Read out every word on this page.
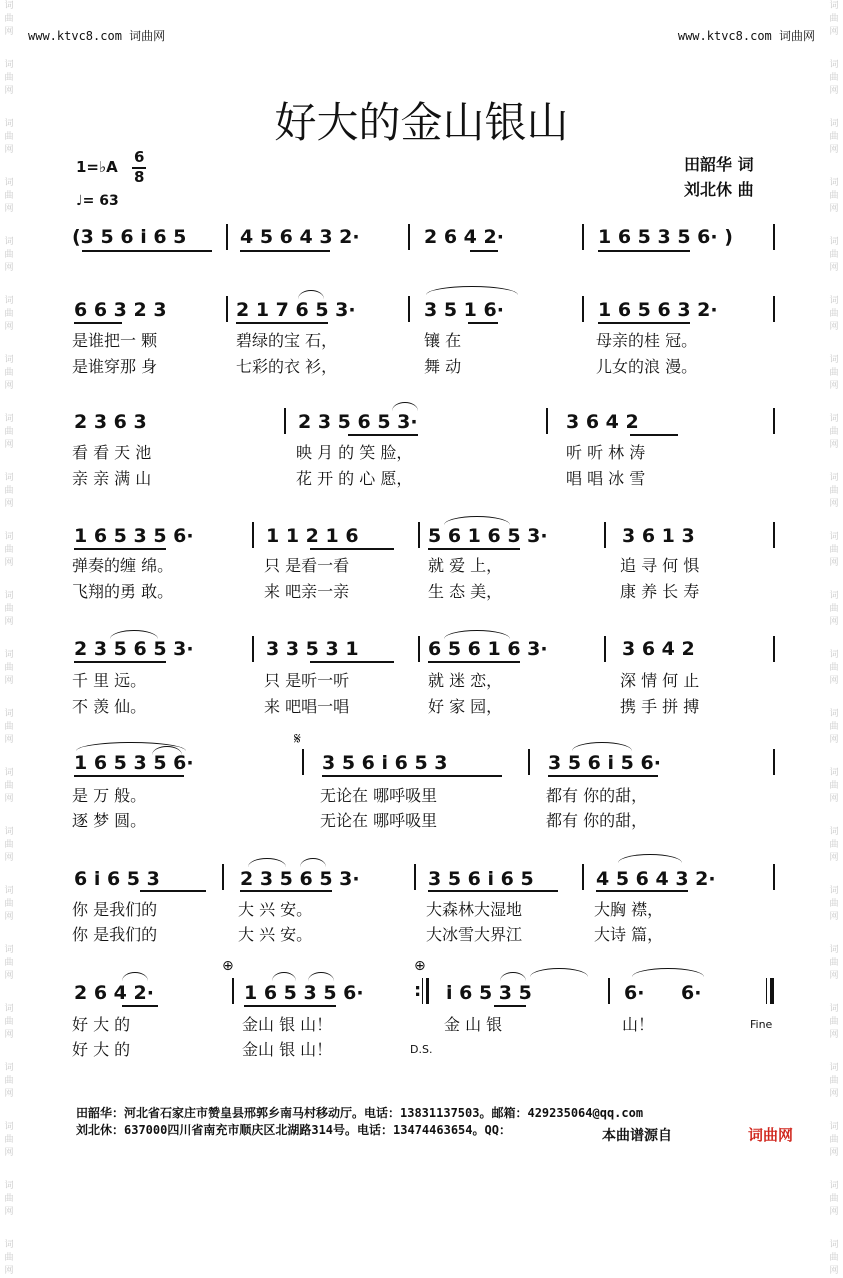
词
曲
网
词
曲
网
词
曲
网
词
曲
网
词
曲
网
词
曲
网
词
曲
网
词
曲
网
词
曲
网
词
曲
网
词
曲
网
词
曲
网
词
曲
网
词
曲
网
词
曲
网
词
曲
网
词
曲
网
词
曲
网
词
曲
网
词
曲
网
词
曲
网
词
曲
网
词
曲
网
词
曲
网
词
曲
网
词
曲
网
词
曲
网
词
曲
网
词
曲
网
词
曲
网
词
曲
网
词
曲
网
词
曲
网
词
曲
网
词
曲
网
词
曲
网
词
曲
网
词
曲
网
词
曲
网
词
曲
网
词
曲
网
词
曲
网
词
曲
网
词
曲
网
www.ktvc8.com 词曲网	www.ktvc8.com 词曲网
好大的金山银山
田韶华 词
刘北休 曲
1=♭A
6
8
♩= 63
(3 5 6 i 6 5	4 5 6 4 3 2·	2 6 4 2·	1 6 5 3 5 6· )
6 6 3 2 3	2 1 7 6 5 3·	3 5 1 6·	1 6 5 6 3 2·
是谁把一 颗	碧绿的宝 石，	镶 在	母亲的桂 冠。
是谁穿那 身	七彩的衣 衫，	舞 动	儿女的浪 漫。
2 3 6 3	2 3 5 6 5 3·	3 6 4 2
看 看 天 池	映 月 的 笑 脸，	听 听 林 涛
亲 亲 满 山	花 开 的 心 愿，	唱 唱 冰 雪
1 6 5 3 5 6·	1 1 2 1 6	5 6 1 6 5 3·	3 6 1 3
弹奏的缠 绵。	只 是看一看	就 爱 上，	追 寻 何 惧
飞翔的勇 敢。	来 吧亲一亲	生 态 美，	康 养 长 寿
2 3 5 6 5 3·	3 3 5 3 1	6 5 6 1 6 3·	3 6 4 2
千 里 远。	只 是听一听	就 迷 恋，	深 情 何 止
不 羡 仙。	来 吧唱一唱	好 家 园，	携 手 拼 搏
𝄋
1 6 5 3 5 6·	3 5 6 i 6 5 3	3 5 6 i 5 6·
是 万 般。	无论在 哪呼吸里	都有 你的甜，
逐 梦 圆。	无论在 哪呼吸里	都有 你的甜，
6 i 6 5 3	2 3 5 6 5 3·	3 5 6 i 6 5	4 5 6 4 3 2·
你 是我们的	大 兴 安。	大森林大湿地	大胸 襟，
你 是我们的	大 兴 安。	大冰雪大界江	大诗 篇，
⊕	⊕
2 6 4 2·	1 6 5 3 5 6·	: i 6 5 3 5	6· 6·
好 大 的	金山 银 山！	金 山 银	山！	Fine
好 大 的	金山 银 山！	D.S.
田韶华：河北省石家庄市赞皇县邢郭乡南马村移动厅。电话：13831137503。邮箱：429235064@qq.com
刘北休：637000四川省南充市顺庆区北湖路314号。电话：13474463654。QQ：	本曲谱源自	词曲网
